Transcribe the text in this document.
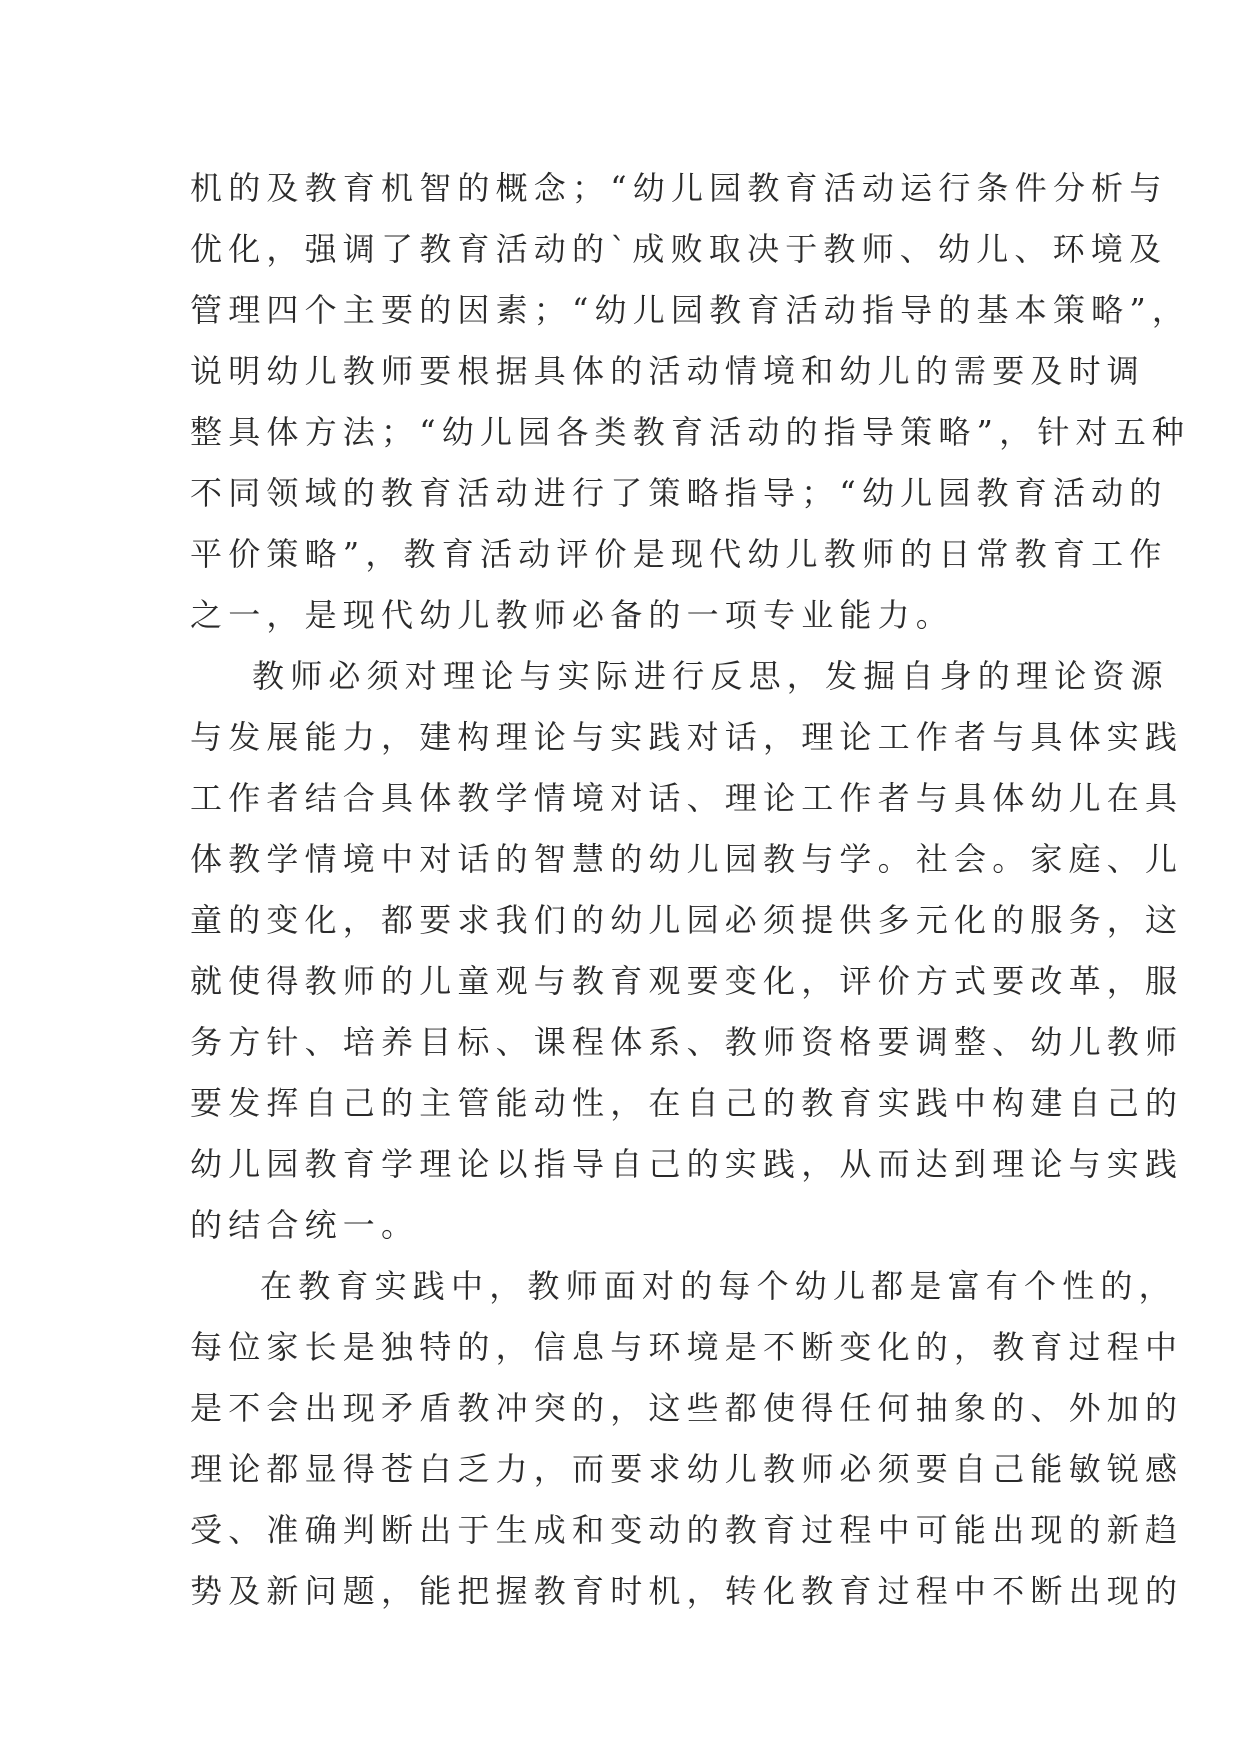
机的及教育机智的概念；“幼儿园教育活动运行条件分析与
优化，强调了教育活动的`成败取决于教师、幼儿、环境及
管理四个主要的因素；“幼儿园教育活动指导的基本策略”，
说明幼儿教师要根据具体的活动情境和幼儿的需要及时调
整具体方法；“幼儿园各类教育活动的指导策略”，针对五种
不同领域的教育活动进行了策略指导；“幼儿园教育活动的
平价策略”，教育活动评价是现代幼儿教师的日常教育工作
之一，是现代幼儿教师必备的一项专业能力。
教师必须对理论与实际进行反思，发掘自身的理论资源
与发展能力，建构理论与实践对话，理论工作者与具体实践
工作者结合具体教学情境对话、理论工作者与具体幼儿在具
体教学情境中对话的智慧的幼儿园教与学。社会。家庭、儿
童的变化，都要求我们的幼儿园必须提供多元化的服务，这
就使得教师的儿童观与教育观要变化，评价方式要改革，服
务方针、培养目标、课程体系、教师资格要调整、幼儿教师
要发挥自己的主管能动性，在自己的教育实践中构建自己的
幼儿园教育学理论以指导自己的实践，从而达到理论与实践
的结合统一。
在教育实践中，教师面对的每个幼儿都是富有个性的，
每位家长是独特的，信息与环境是不断变化的，教育过程中
是不会出现矛盾教冲突的，这些都使得任何抽象的、外加的
理论都显得苍白乏力，而要求幼儿教师必须要自己能敏锐感
受、准确判断出于生成和变动的教育过程中可能出现的新趋
势及新问题，能把握教育时机，转化教育过程中不断出现的
